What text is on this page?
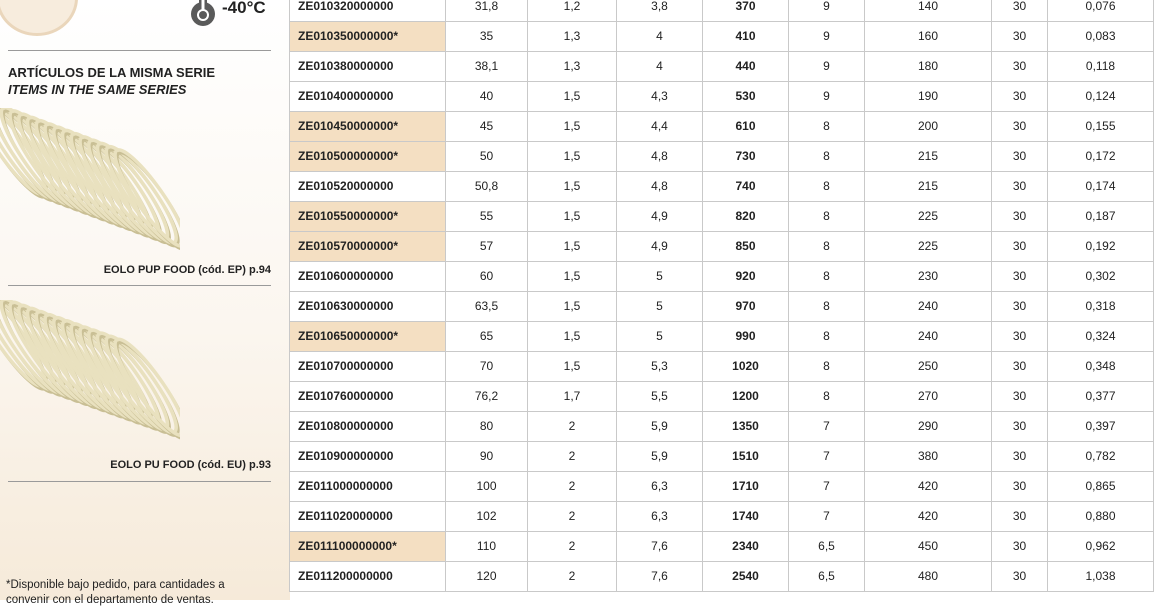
-40°C
ARTÍCULOS DE LA MISMA SERIE
ITEMS IN THE SAME SERIES
EOLO PUP FOOD (cód. EP) p.94
EOLO PU FOOD (cód. EU) p.93
*Disponible bajo pedido, para cantidades a convenir con el departamento de ventas.
ZE010320000000	31,8	1,2	3,8	370	9	140	30	0,076
ZE010350000000*	35	1,3	4	410	9	160	30	0,083
ZE010380000000	38,1	1,3	4	440	9	180	30	0,118
ZE010400000000	40	1,5	4,3	530	9	190	30	0,124
ZE010450000000*	45	1,5	4,4	610	8	200	30	0,155
ZE010500000000*	50	1,5	4,8	730	8	215	30	0,172
ZE010520000000	50,8	1,5	4,8	740	8	215	30	0,174
ZE010550000000*	55	1,5	4,9	820	8	225	30	0,187
ZE010570000000*	57	1,5	4,9	850	8	225	30	0,192
ZE010600000000	60	1,5	5	920	8	230	30	0,302
ZE010630000000	63,5	1,5	5	970	8	240	30	0,318
ZE010650000000*	65	1,5	5	990	8	240	30	0,324
ZE010700000000	70	1,5	5,3	1020	8	250	30	0,348
ZE010760000000	76,2	1,7	5,5	1200	8	270	30	0,377
ZE010800000000	80	2	5,9	1350	7	290	30	0,397
ZE010900000000	90	2	5,9	1510	7	380	30	0,782
ZE011000000000	100	2	6,3	1710	7	420	30	0,865
ZE011020000000	102	2	6,3	1740	7	420	30	0,880
ZE011100000000*	110	2	7,6	2340	6,5	450	30	0,962
ZE011200000000	120	2	7,6	2540	6,5	480	30	1,038
